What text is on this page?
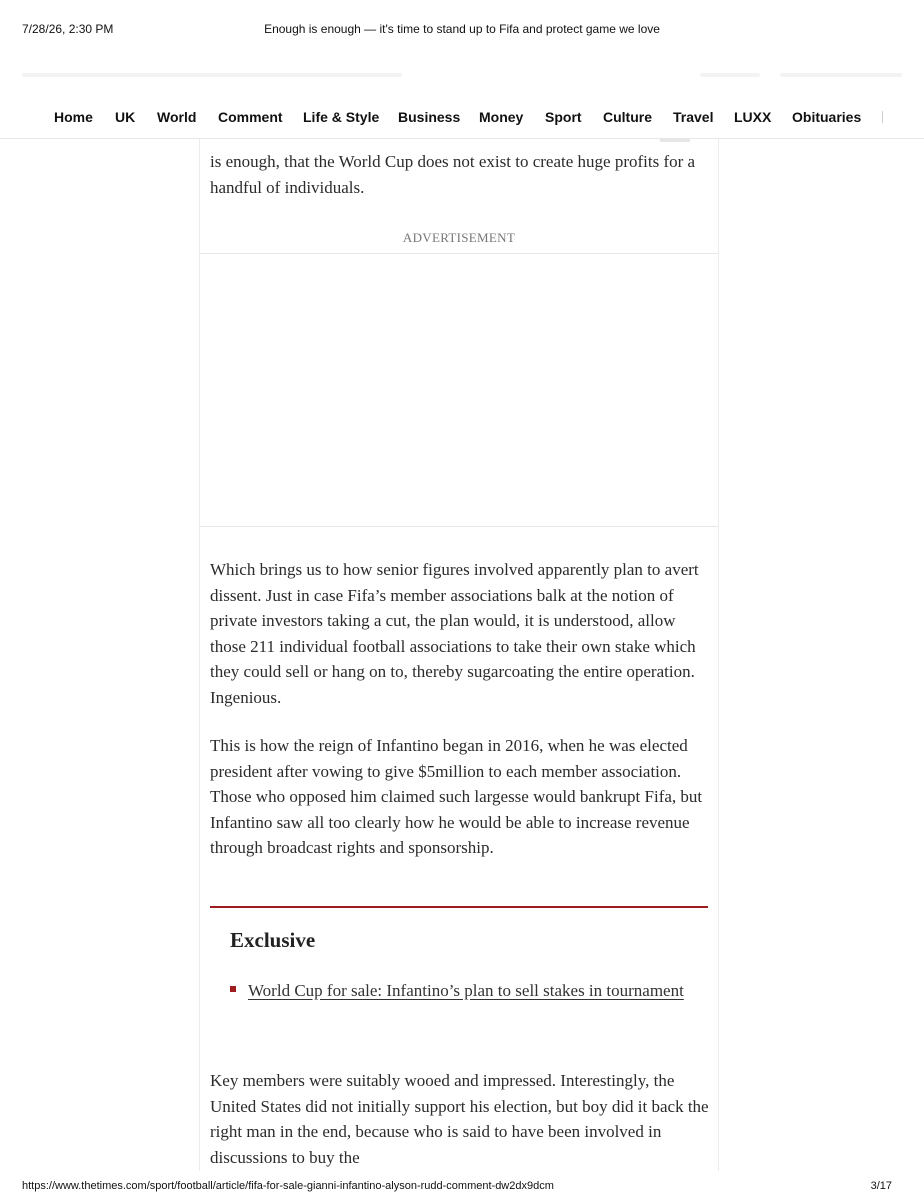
7/28/26, 2:30 PM	Enough is enough — it's time to stand up to Fifa and protect game we love
Home UK World Comment Life & Style Business Money Sport Culture Travel LUXX Obituaries

is enough, that the World Cup does not exist to create huge profits for a handful of individuals.

ADVERTISEMENT

Which brings us to how senior figures involved apparently plan to avert dissent. Just in case Fifa’s member associations balk at the notion of private investors taking a cut, the plan would, it is understood, allow those 211 individual football associations to take their own stake which they could sell or hang on to, thereby sugarcoating the entire operation. Ingenious.

This is how the reign of Infantino began in 2016, when he was elected president after vowing to give $5million to each member association. Those who opposed him claimed such largesse would bankrupt Fifa, but Infantino saw all too clearly how he would be able to increase revenue through broadcast rights and sponsorship.

Exclusive
World Cup for sale: Infantino’s plan to sell stakes in tournament

Key members were suitably wooed and impressed. Interestingly, the United States did not initially support his election, but boy did it back the right man in the end, because who is said to have been involved in discussions to buy the

https://www.thetimes.com/sport/football/article/fifa-for-sale-gianni-infantino-alyson-rudd-comment-dw2dx9dcm	3/17
